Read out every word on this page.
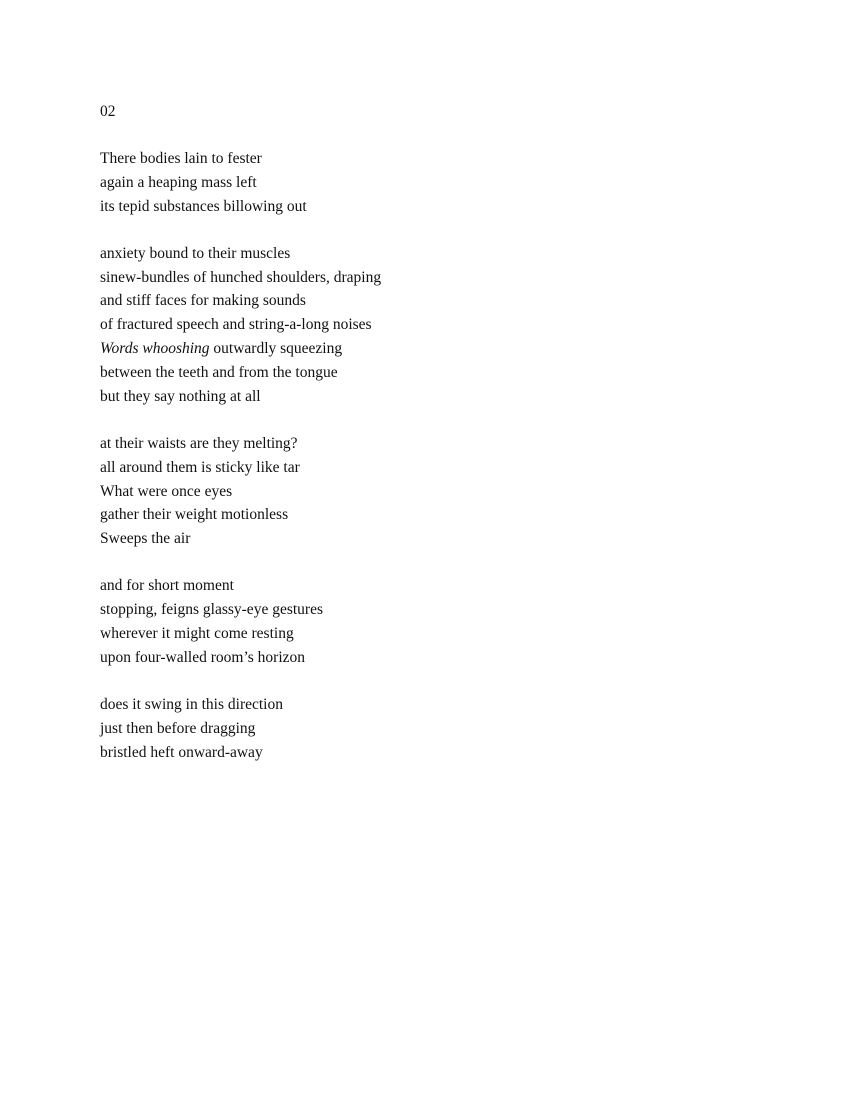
02

There bodies lain to fester
again a heaping mass left
its tepid substances billowing out
anxiety bound to their muscles
sinew-bundles of hunched shoulders, draping
and stiff faces for making sounds
of fractured speech and string-a-long noises
Words whooshing outwardly squeezing
between the teeth and from the tongue
but they say nothing at all
at their waists are they melting?
all around them is sticky like tar
What were once eyes
gather their weight motionless
Sweeps the air
and for short moment
stopping, feigns glassy-eye gestures
wherever it might come resting
upon four-walled room’s horizon
does it swing in this direction
just then before dragging
bristled heft onward-away
